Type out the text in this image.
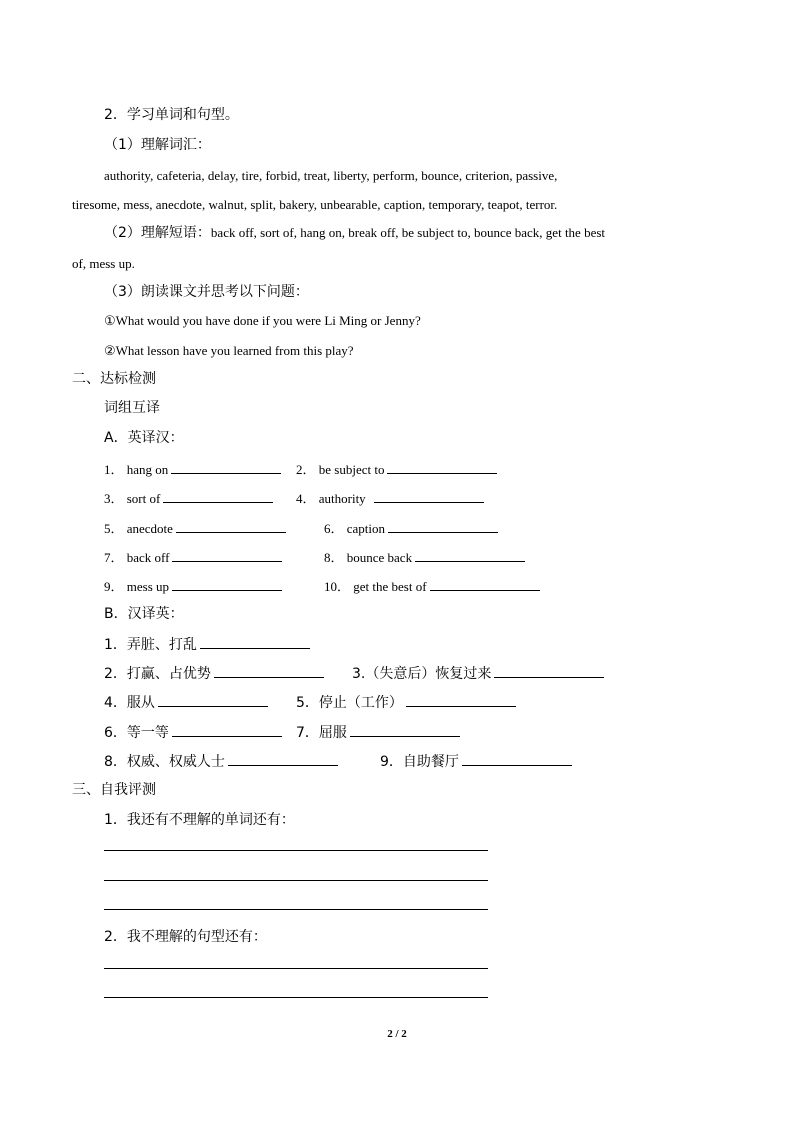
2．学习单词和句型。
（1）理解词汇：
authority, cafeteria, delay, tire, forbid, treat, liberty, perform, bounce, criterion, passive,
tiresome, mess, anecdote, walnut, split, bakery, unbearable, caption, temporary, teapot, terror.
（2）理解短语：back off, sort of, hang on, break off, be subject to, bounce back, get the best
of, mess up.
（3）朗读课文并思考以下问题：
①What would you have done if you were Li Ming or Jenny?
②What lesson have you learned from this play?
二、达标检测
词组互译
A．英译汉：
1． hang on	2． be subject to
3． sort of	4． authority
5． anecdote	6． caption
7． back off	8． bounce back
9． mess up	10． get the best of
B．汉译英：
1．弄脏、打乱
2．打赢、占优势	3.（失意后）恢复过来
4．服从	5．停止（工作）
6．等一等	7．屈服
8．权威、权威人士	9．自助餐厅
三、自我评测
1．我还有不理解的单词还有：
2．我不理解的句型还有：
2 / 2
